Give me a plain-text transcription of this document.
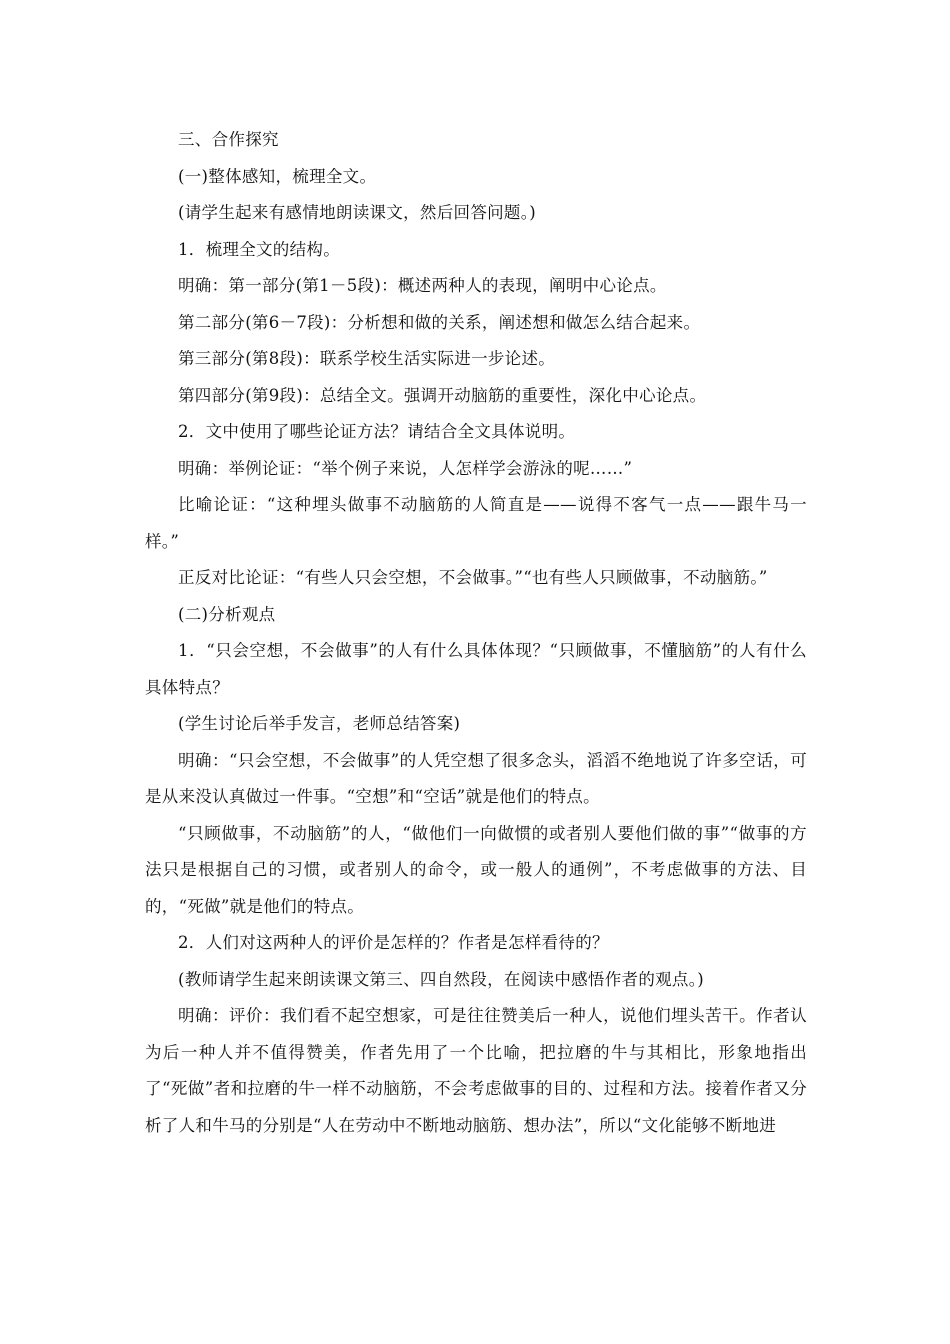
三、合作探究

(一)整体感知，梳理全文。

(请学生起来有感情地朗读课文，然后回答问题。)

1．梳理全文的结构。

明确：第一部分(第1－5段)：概述两种人的表现，阐明中心论点。

第二部分(第6－7段)：分析想和做的关系，阐述想和做怎么结合起来。

第三部分(第8段)：联系学校生活实际进一步论述。

第四部分(第9段)：总结全文。强调开动脑筋的重要性，深化中心论点。

2．文中使用了哪些论证方法？请结合全文具体说明。

明确：举例论证：“举个例子来说，人怎样学会游泳的呢……”

比喻论证：“这种埋头做事不动脑筋的人简直是——说得不客气一点——跟牛马一样。”

正反对比论证：“有些人只会空想，不会做事。”“也有些人只顾做事，不动脑筋。”

(二)分析观点

1．“只会空想，不会做事”的人有什么具体体现？“只顾做事，不懂脑筋”的人有什么具体特点？

(学生讨论后举手发言，老师总结答案)

明确：“只会空想，不会做事”的人凭空想了很多念头，滔滔不绝地说了许多空话，可是从来没认真做过一件事。“空想”和“空话”就是他们的特点。

“只顾做事，不动脑筋”的人，“做他们一向做惯的或者别人要他们做的事”“做事的方法只是根据自己的习惯，或者别人的命令，或一般人的通例”，不考虑做事的方法、目的，“死做”就是他们的特点。

2．人们对这两种人的评价是怎样的？作者是怎样看待的？

(教师请学生起来朗读课文第三、四自然段，在阅读中感悟作者的观点。)

明确：评价：我们看不起空想家，可是往往赞美后一种人，说他们埋头苦干。作者认为后一种人并不值得赞美，作者先用了一个比喻，把拉磨的牛与其相比，形象地指出了“死做”者和拉磨的牛一样不动脑筋，不会考虑做事的目的、过程和方法。接着作者又分析了人和牛马的分别是“人在劳动中不断地动脑筋、想办法”，所以“文化能够不断地进
